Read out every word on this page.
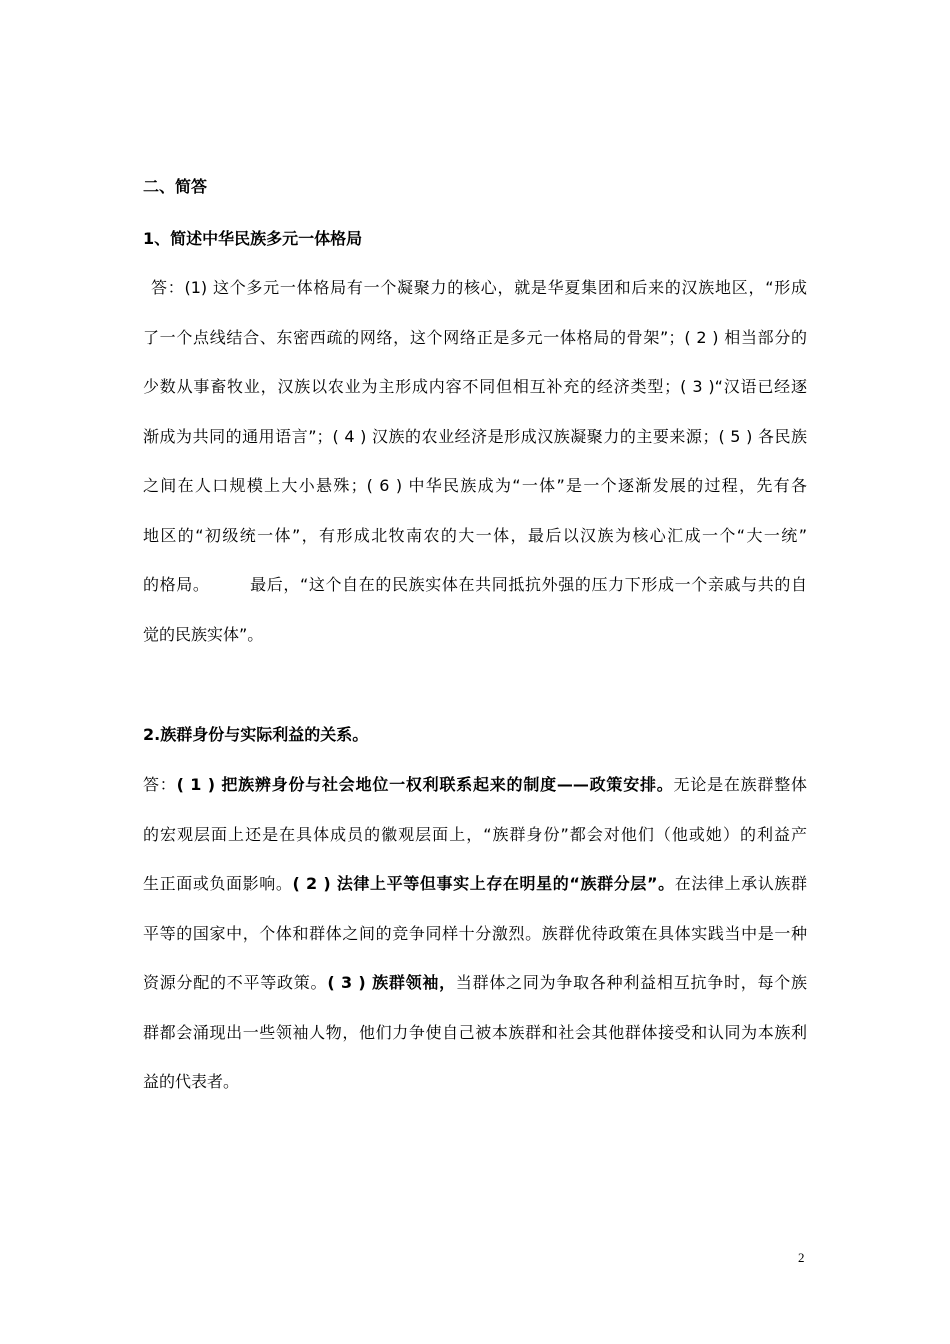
二、简答

1、简述中华民族多元一体格局

答：(1) 这个多元一体格局有一个凝聚力的核心，就是华夏集团和后来的汉族地区，“形成
了一个点线结合、东密西疏的网络，这个网络正是多元一体格局的骨架”；( 2 ) 相当部分的
少数从事畜牧业，汉族以农业为主形成内容不同但相互补充的经济类型；( 3 )“汉语已经逐
渐成为共同的通用语言”；( 4 ) 汉族的农业经济是形成汉族凝聚力的主要来源；( 5 ) 各民族
之间在人口规模上大小悬殊；( 6 ) 中华民族成为“一体”是一个逐渐发展的过程，先有各
地区的“初级统一体”，有形成北牧南农的大一体，最后以汉族为核心汇成一个“大一统”
的格局。	最后，“这个自在的民族实体在共同抵抗外强的压力下形成一个亲戚与共的自
觉的民族实体”。

2.族群身份与实际利益的关系。

答：( 1 ) 把族辨身份与社会地位一权利联系起来的制度——政策安排。无论是在族群整体
的宏观层面上还是在具体成员的徽观层面上，“族群身份”都会对他们（他或她）的利益产
生正面或负面影响。( 2 ) 法律上平等但事实上存在明星的“族群分层”。在法律上承认族群
平等的国家中，个体和群体之间的竞争同样十分激烈。族群优待政策在具体实践当中是一种
资源分配的不平等政策。( 3 ) 族群领袖，当群体之同为争取各种利益相互抗争时，每个族
群都会涌现出一些领袖人物，他们力争使自己被本族群和社会其他群体接受和认同为本族利
益的代表者。
2
